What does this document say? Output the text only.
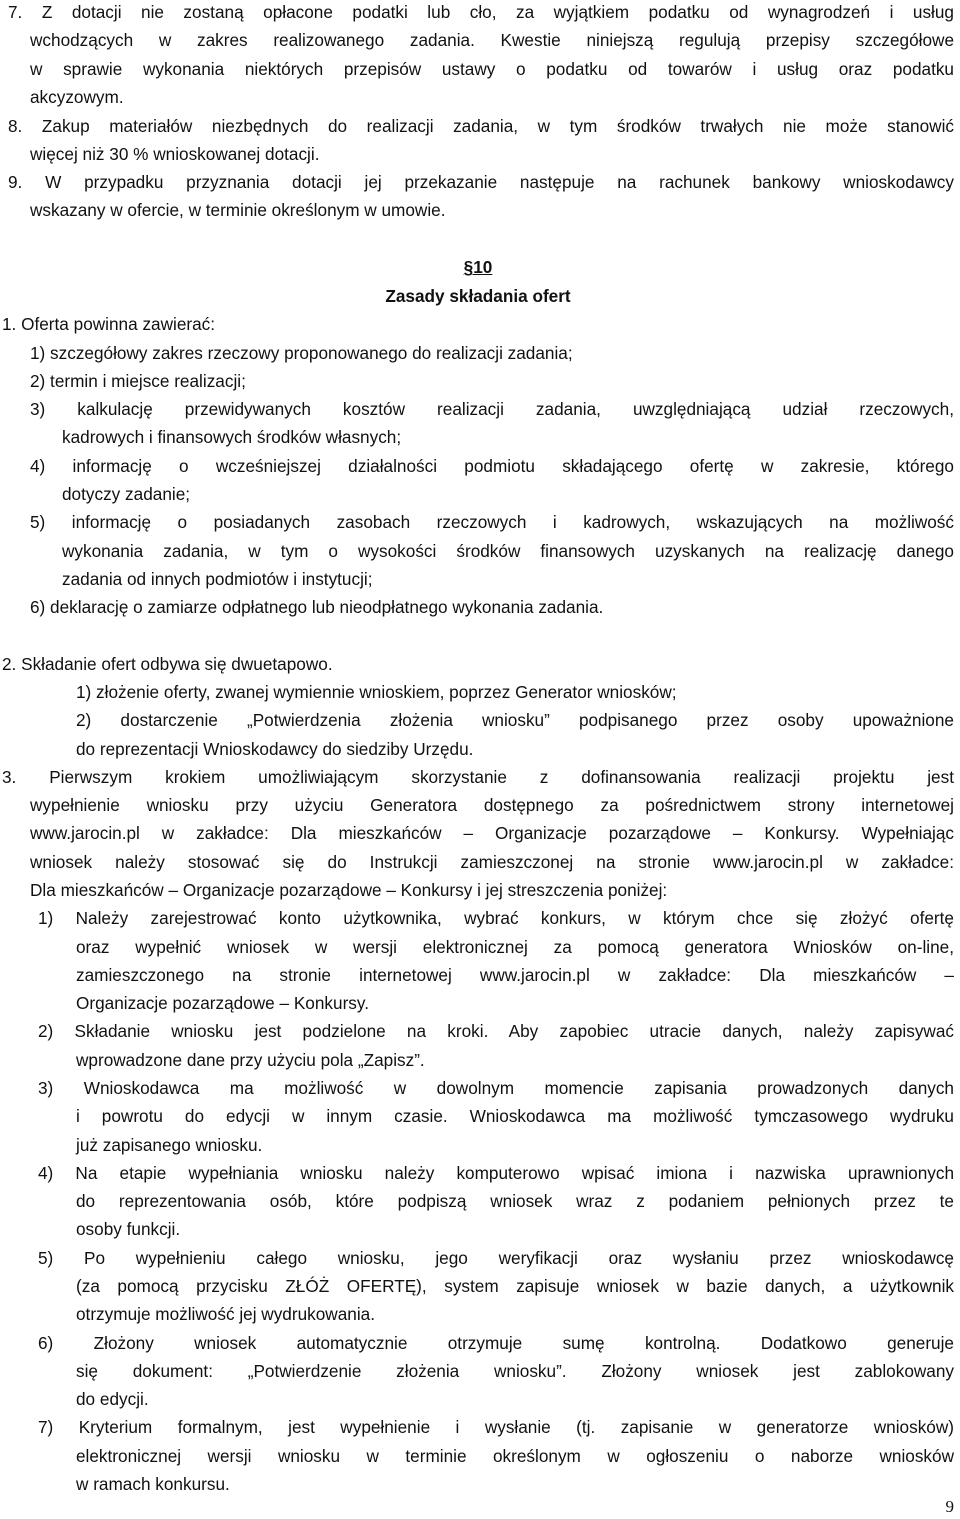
7. Z dotacji nie zostaną opłacone podatki lub cło, za wyjątkiem podatku od wynagrodzeń i usług
wchodzących w zakres realizowanego zadania. Kwestie niniejszą regulują przepisy szczegółowe
w sprawie wykonania niektórych przepisów ustawy o podatku od towarów i usług oraz podatku
akcyzowym.
8. Zakup materiałów niezbędnych do realizacji zadania, w tym środków trwałych nie może stanowić
więcej niż 30 % wnioskowanej dotacji.
9. W przypadku przyznania dotacji jej przekazanie następuje na rachunek bankowy wnioskodawcy
wskazany w ofercie, w terminie określonym w umowie.
§10
Zasady składania ofert
1. Oferta powinna zawierać:
1) szczegółowy zakres rzeczowy proponowanego do realizacji zadania;
2) termin i miejsce realizacji;
3) kalkulację przewidywanych kosztów realizacji zadania, uwzględniającą udział rzeczowych,
kadrowych i finansowych środków własnych;
4) informację o wcześniejszej działalności podmiotu składającego ofertę w zakresie, którego
dotyczy zadanie;
5) informację o posiadanych zasobach rzeczowych i kadrowych, wskazujących na możliwość
wykonania zadania, w tym o wysokości środków finansowych uzyskanych na realizację danego
zadania od innych podmiotów i instytucji;
6) deklarację o zamiarze odpłatnego lub nieodpłatnego wykonania zadania.
2. Składanie ofert odbywa się dwuetapowo.
1) złożenie oferty, zwanej wymiennie wnioskiem, poprzez Generator wniosków;
2) dostarczenie „Potwierdzenia złożenia wniosku” podpisanego przez osoby upoważnione
do reprezentacji Wnioskodawcy do siedziby Urzędu.
3. Pierwszym krokiem umożliwiającym skorzystanie z dofinansowania realizacji projektu jest
wypełnienie wniosku przy użyciu Generatora dostępnego za pośrednictwem strony internetowej
www.jarocin.pl w zakładce: Dla mieszkańców – Organizacje pozarządowe – Konkursy. Wypełniając
wniosek należy stosować się do Instrukcji zamieszczonej na stronie www.jarocin.pl w zakładce:
Dla mieszkańców – Organizacje pozarządowe – Konkursy i jej streszczenia poniżej:
1) Należy zarejestrować konto użytkownika, wybrać konkurs, w którym chce się złożyć ofertę
oraz wypełnić wniosek w wersji elektronicznej za pomocą generatora Wniosków on-line,
zamieszczonego na stronie internetowej www.jarocin.pl w zakładce: Dla mieszkańców –
Organizacje pozarządowe – Konkursy.
2) Składanie wniosku jest podzielone na kroki. Aby zapobiec utracie danych, należy zapisywać
wprowadzone dane przy użyciu pola „Zapisz”.
3) Wnioskodawca ma możliwość w dowolnym momencie zapisania prowadzonych danych
i powrotu do edycji w innym czasie. Wnioskodawca ma możliwość tymczasowego wydruku
już zapisanego wniosku.
4) Na etapie wypełniania wniosku należy komputerowo wpisać imiona i nazwiska uprawnionych
do reprezentowania osób, które podpiszą wniosek wraz z podaniem pełnionych przez te
osoby funkcji.
5) Po wypełnieniu całego wniosku, jego weryfikacji oraz wysłaniu przez wnioskodawcę
(za pomocą przycisku ZŁÓŻ OFERTĘ), system zapisuje wniosek w bazie danych, a użytkownik
otrzymuje możliwość jej wydrukowania.
6) Złożony wniosek automatycznie otrzymuje sumę kontrolną. Dodatkowo generuje
się dokument: „Potwierdzenie złożenia wniosku”. Złożony wniosek jest zablokowany
do edycji.
7) Kryterium formalnym, jest wypełnienie i wysłanie (tj. zapisanie w generatorze wniosków)
elektronicznej wersji wniosku w terminie określonym w ogłoszeniu o naborze wniosków
w ramach konkursu.
9
